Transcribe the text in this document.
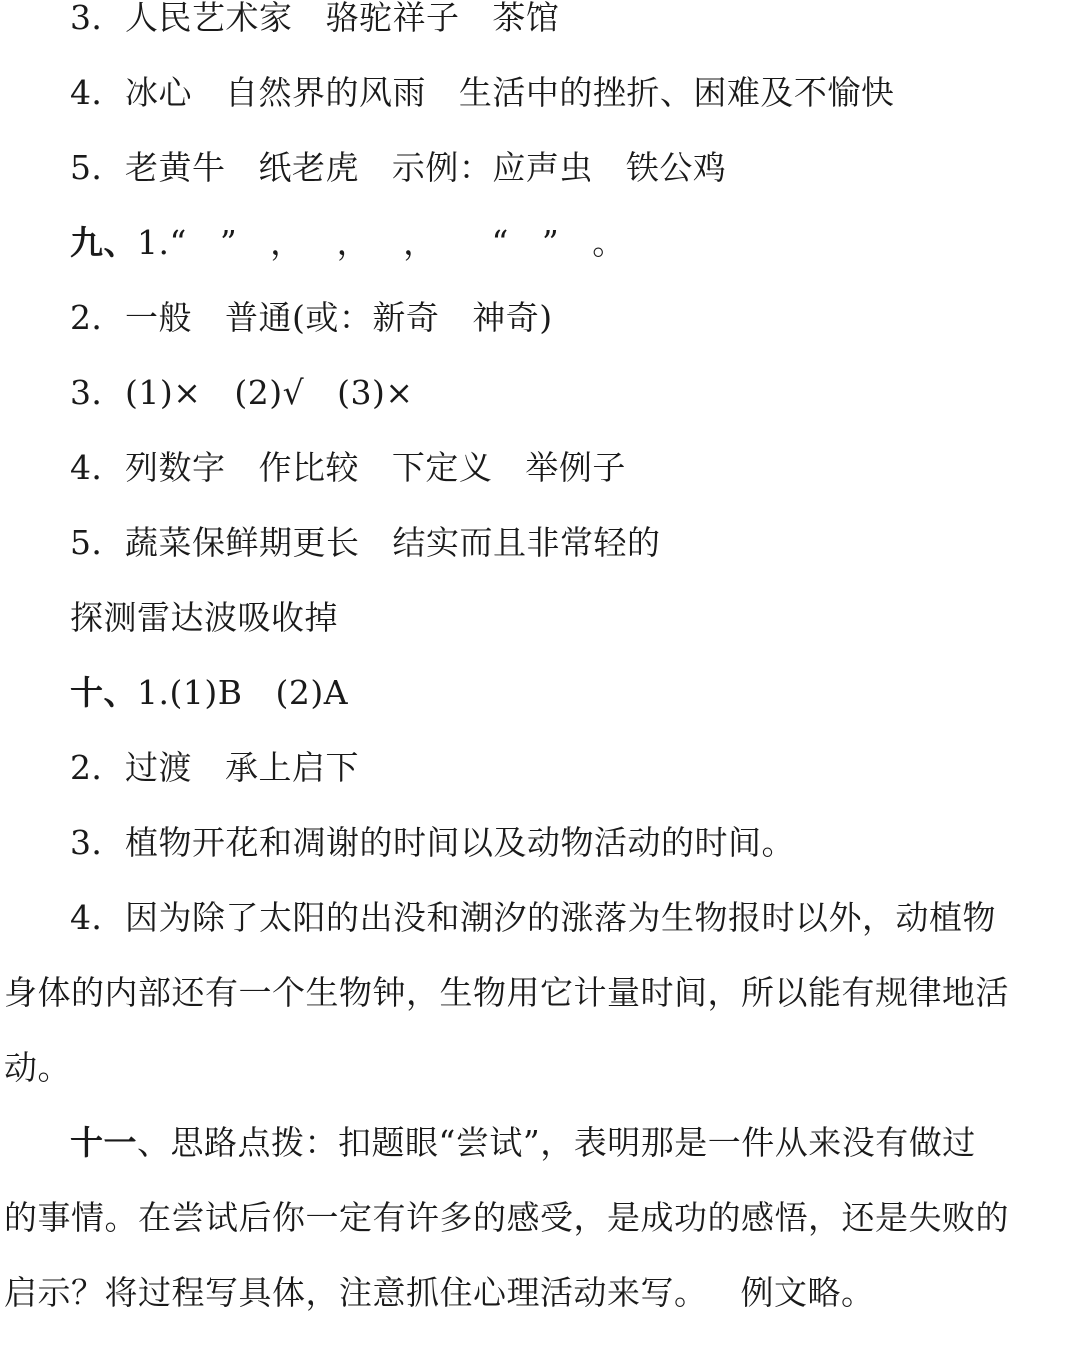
3．人民艺术家   骆驼祥子   茶馆
4．冰心   自然界的风雨   生活中的挫折、困难及不愉快
5．老黄牛   纸老虎   示例：应声虫   铁公鸡
九、1.“   ”   ，   ，   ，     “   ”   。
2．一般   普通(或：新奇   神奇)
3．(1)×   (2)√   (3)×
4．列数字   作比较   下定义   举例子
5．蔬菜保鲜期更长   结实而且非常轻的
探测雷达波吸收掉
十、1.(1)B   (2)A
2．过渡   承上启下
3．植物开花和凋谢的时间以及动物活动的时间。
4．因为除了太阳的出没和潮汐的涨落为生物报时以外，动植物
身体的内部还有一个生物钟，生物用它计量时间，所以能有规律地活
动。
十一、思路点拨：扣题眼“尝试”，表明那是一件从来没有做过
的事情。在尝试后你一定有许多的感受，是成功的感悟，还是失败的
启示？将过程写具体，注意抓住心理活动来写。   例文略。
